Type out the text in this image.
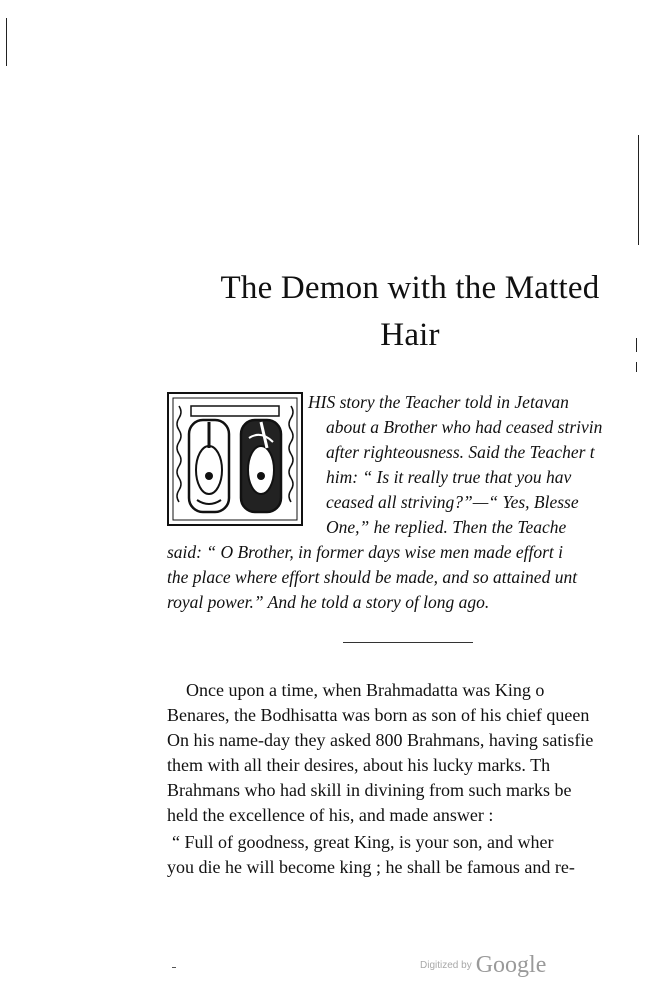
The Demon with the Matted
Hair
HIS story the Teacher told in Jetavan
about a Brother who had ceased strivin
after righteousness. Said the Teacher t
him: “ Is it really true that you hav
ceased all striving?”—“ Yes, Blesse
One,” he replied. Then the Teache
said: “ O Brother, in former days wise men made effort i
the place where effort should be made, and so attained unt
royal power.” And he told a story of long ago.
Once upon a time, when Brahmadatta was King o
Benares, the Bodhisatta was born as son of his chief queen
On his name-day they asked 800 Brahmans, having satisfie
them with all their desires, about his lucky marks. Th
Brahmans who had skill in divining from such marks be
held the excellence of his, and made answer :
“ Full of goodness, great King, is your son, and wher
you die he will become king ; he shall be famous and re-
Digitized by Google
